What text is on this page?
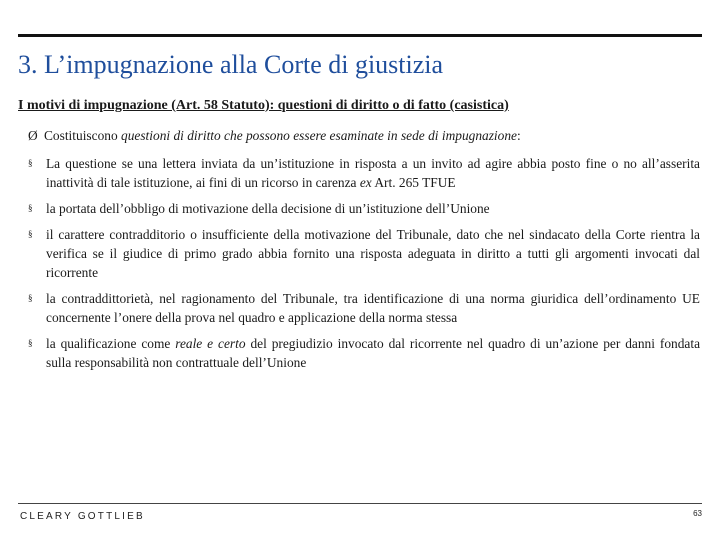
3. L’impugnazione alla Corte di giustizia
I motivi di impugnazione (Art. 58 Statuto): questioni di diritto o di fatto (casistica)
Ø Costituiscono questioni di diritto che possono essere esaminate in sede di impugnazione:
§	La questione se una lettera inviata da un’istituzione in risposta a un invito ad agire abbia posto fine o no all’asserita inattività di tale istituzione, ai fini di un ricorso in carenza ex Art. 265 TFUE
§	la portata dell’obbligo di motivazione della decisione di un’istituzione dell’Unione
§	il carattere contradditorio o insufficiente della motivazione del Tribunale, dato che nel sindacato della Corte rientra la verifica se il giudice di primo grado abbia fornito una risposta adeguata in diritto a tutti gli argomenti invocati dal ricorrente
§	la contraddittorietà, nel ragionamento del Tribunale, tra identificazione di una norma giuridica dell’ordinamento UE concernente l’onere della prova nel quadro e applicazione della norma stessa
§	la qualificazione come reale e certo del pregiudizio invocato dal ricorrente nel quadro di un’azione per danni fondata sulla responsabilità non contrattuale dell’Unione
CLEARY GOTTLIEB	63
